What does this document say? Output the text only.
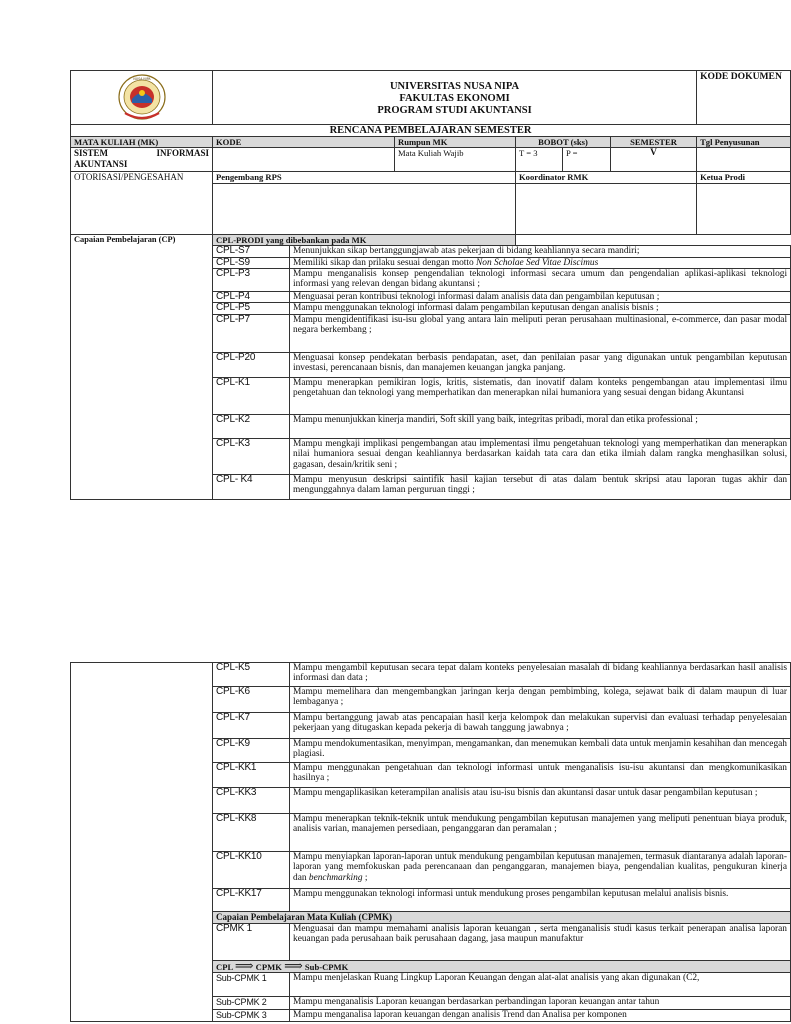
NUSA NIPA	UNIVERSITAS NUSA NIPA
FAKULTAS EKONOMI
PROGRAM STUDI AKUNTANSI						KODE DOKUMEN
RENCANA PEMBELAJARAN SEMESTER							
MATA KULIAH (MK)	KODE		Rumpun MK	BOBOT (sks)		SEMESTER	Tgl Penyusunan
SISTEM INFORMASI AKUNTANSI			Mata Kuliah Wajib	T = 3	P =	V	
OTORISASI/PENGESAHAN	Pengembang RPS			Koordinator RMK			Ketua Prodi

Capaian Pembelajaran (CP)	CPL-PRODI yang dibebankan pada MK						
	CPL-S7	Menunjukkan sikap bertanggungjawab atas pekerjaan di bidang keahliannya secara mandiri;					
	CPL-S9	Memiliki sikap dan prilaku sesuai dengan motto Non Scholae Sed Vitae Discimus					
	CPL-P3	Mampu menganalisis konsep pengendalian teknologi informasi secara umum dan pengendalian aplikasi-aplikasi teknologi informasi yang relevan dengan bidang akuntansi ;					
	CPL-P4	Menguasai peran kontribusi teknologi informasi dalam analisis data dan pengambilan keputusan ;					
	CPL-P5	Mampu menggunakan teknologi informasi dalam pengambilan keputusan dengan analisis bisnis ;					
	CPL-P7	Mampu mengidentifikasi isu-isu global yang antara lain meliputi peran perusahaan multinasional, e-commerce, dan pasar modal negara berkembang ;					
	CPL-P20	Menguasai konsep pendekatan berbasis pendapatan, aset, dan penilaian pasar yang digunakan untuk pengambilan keputusan investasi, perencanaan bisnis, dan manajemen keuangan jangka panjang.					
	CPL-K1	Mampu menerapkan pemikiran logis, kritis, sistematis, dan inovatif dalam konteks pengembangan atau implementasi ilmu pengetahuan dan teknologi yang memperhatikan dan menerapkan nilai humaniora yang sesuai dengan bidang Akuntansi					
	CPL-K2	Mampu menunjukkan kinerja mandiri, Soft skill yang baik, integritas pribadi, moral dan etika professional ;					
	CPL-K3	Mampu mengkaji implikasi pengembangan atau implementasi ilmu pengetahuan teknologi yang memperhatikan dan menerapkan nilai humaniora sesuai dengan keahliannya berdasarkan kaidah tata cara dan etika ilmiah dalam rangka menghasilkan solusi, gagasan, desain/kritik seni ;					
	CPL- K4	Mampu menyusun deskripsi saintifik hasil kajian tersebut di atas dalam bentuk skripsi atau laporan tugas akhir dan mengunggahnya dalam laman perguruan tinggi ;					
	CPL-K5	Mampu mengambil keputusan secara tepat dalam konteks penyelesaian masalah di bidang keahliannya berdasarkan hasil analisis informasi dan data ;
	CPL-K6	Mampu memelihara dan mengembangkan jaringan kerja dengan pembimbing, kolega, sejawat baik di dalam maupun di luar lembaganya ;
	CPL-K7	Mampu bertanggung jawab atas pencapaian hasil kerja kelompok dan melakukan supervisi dan evaluasi terhadap penyelesaian pekerjaan yang ditugaskan kepada pekerja di bawah tanggung jawabnya ;
	CPL-K9	Mampu mendokumentasikan, menyimpan, mengamankan, dan menemukan kembali data untuk menjamin kesahihan dan mencegah plagiasi.
	CPL-KK1	Mampu menggunakan pengetahuan dan teknologi informasi untuk menganalisis isu-isu akuntansi dan mengkomunikasikan hasilnya ;
	CPL-KK3	Mampu mengaplikasikan keterampilan analisis atau isu-isu bisnis dan akuntansi dasar untuk dasar pengambilan keputusan ;
	CPL-KK8	Mampu menerapkan teknik-teknik untuk mendukung pengambilan keputusan manajemen yang meliputi penentuan biaya produk, analisis varian, manajemen persediaan, penganggaran dan peramalan ;
	CPL-KK10	Mampu menyiapkan laporan-laporan untuk mendukung pengambilan keputusan manajemen, termasuk diantaranya adalah laporan-laporan yang memfokuskan pada perencanaan dan penganggaran, manajemen biaya, pengendalian kualitas, pengukuran kinerja dan benchmarking ;
	CPL-KK17	Mampu menggunakan teknologi informasi untuk mendukung proses pengambilan keputusan melalui analisis bisnis.
	Capaian Pembelajaran Mata Kuliah (CPMK)	
	CPMK 1	Menguasai dan mampu memahami analisis laporan keuangan , serta menganalisis studi kasus terkait penerapan analisa laporan keuangan pada perusahaan baik perusahaan dagang, jasa maupun manufaktur
	CPL ⟹ CPMK ⟹ Sub-CPMK	
	Sub-CPMK 1	Mampu menjelaskan Ruang Lingkup Laporan Keuangan dengan alat-alat analisis yang akan digunakan (C2,
	Sub-CPMK 2	Mampu menganalisis Laporan keuangan berdasarkan perbandingan laporan keuangan antar tahun
	Sub-CPMK 3	Mampu menganalisa laporan keuangan dengan analisis Trend dan Analisa per komponen
